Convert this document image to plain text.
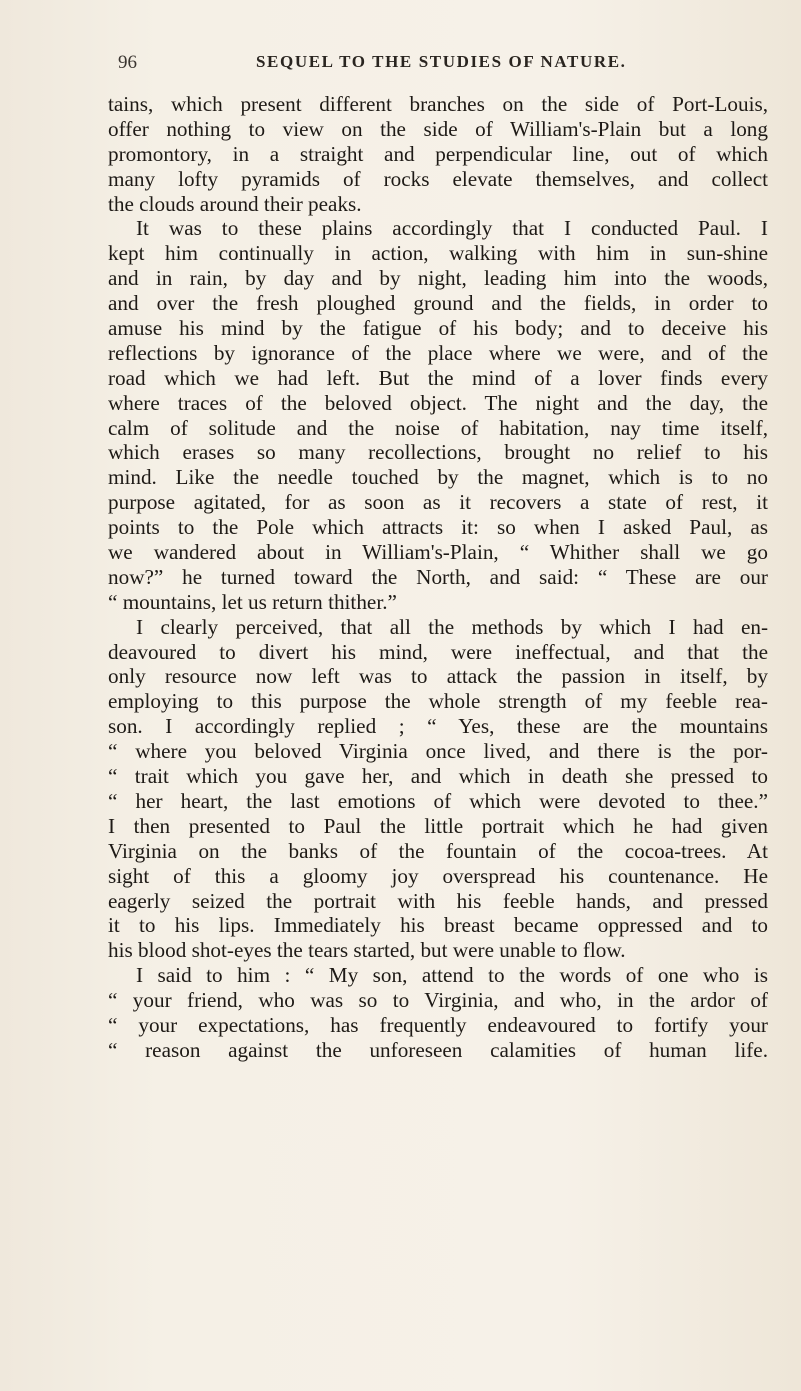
96	SEQUEL TO THE STUDIES OF NATURE.
tains, which present different branches on the side of Port-Louis,
offer nothing to view on the side of William's-Plain but a long
promontory, in a straight and perpendicular line, out of which
many lofty pyramids of rocks elevate themselves, and collect
the clouds around their peaks.
It was to these plains accordingly that I conducted Paul. I
kept him continually in action, walking with him in sun-shine
and in rain, by day and by night, leading him into the woods,
and over the fresh ploughed ground and the fields, in order to
amuse his mind by the fatigue of his body; and to deceive his
reflections by ignorance of the place where we were, and of the
road which we had left. But the mind of a lover finds every
where traces of the beloved object. The night and the day, the
calm of solitude and the noise of habitation, nay time itself,
which erases so many recollections, brought no relief to his
mind. Like the needle touched by the magnet, which is to no
purpose agitated, for as soon as it recovers a state of rest, it
points to the Pole which attracts it: so when I asked Paul, as
we wandered about in William's-Plain, “ Whither shall we go
now?” he turned toward the North, and said: “ These are our
“ mountains, let us return thither.”
I clearly perceived, that all the methods by which I had en-
deavoured to divert his mind, were ineffectual, and that the
only resource now left was to attack the passion in itself, by
employing to this purpose the whole strength of my feeble rea-
son. I accordingly replied ; “ Yes, these are the mountains
“ where you beloved Virginia once lived, and there is the por-
“ trait which you gave her, and which in death she pressed to
“ her heart, the last emotions of which were devoted to thee.”
I then presented to Paul the little portrait which he had given
Virginia on the banks of the fountain of the cocoa-trees. At
sight of this a gloomy joy overspread his countenance. He
eagerly seized the portrait with his feeble hands, and pressed
it to his lips. Immediately his breast became oppressed and to
his blood shot-eyes the tears started, but were unable to flow.
I said to him : “ My son, attend to the words of one who is
“ your friend, who was so to Virginia, and who, in the ardor of
“ your expectations, has frequently endeavoured to fortify your
“ reason against the unforeseen calamities of human life.
